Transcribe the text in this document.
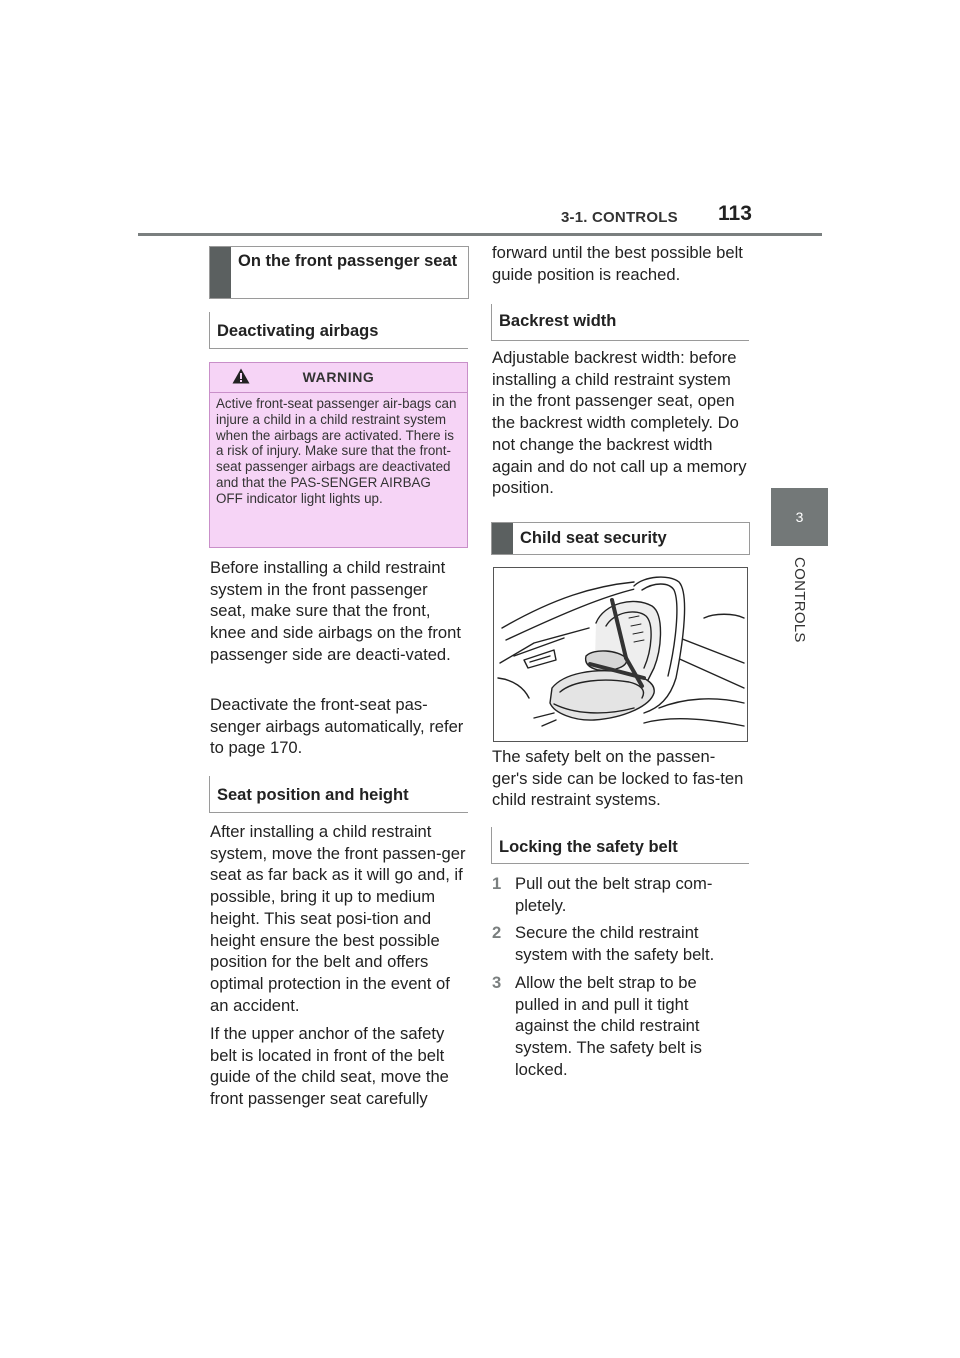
3-1. CONTROLS 113
3
CONTROLS
On the front passenger seat
Deactivating airbags
WARNING
Active front-seat passenger air-bags can injure a child in a child restraint system when the airbags are activated. There is a risk of injury. Make sure that the front-seat passenger airbags are deactivated and that the PAS-SENGER AIRBAG OFF indicator light lights up.
Before installing a child restraint system in the front passenger seat, make sure that the front, knee and side airbags on the front passenger side are deacti-vated.
Deactivate the front-seat pas-senger airbags automatically, refer to page 170.
Seat position and height
After installing a child restraint system, move the front passen-ger seat as far back as it will go and, if possible, bring it up to medium height. This seat posi-tion and height ensure the best possible position for the belt and offers optimal protection in the event of an accident.
If the upper anchor of the safety belt is located in front of the belt guide of the child seat, move the front passenger seat carefully
forward until the best possible belt guide position is reached.
Backrest width
Adjustable backrest width: before installing a child restraint system in the front passenger seat, open the backrest width completely. Do not change the backrest width again and do not call up a memory position.
Child seat security
The safety belt on the passen-ger's side can be locked to fas-ten child restraint systems.
Locking the safety belt
1 Pull out the belt strap com-pletely.
2 Secure the child restraint system with the safety belt.
3 Allow the belt strap to be pulled in and pull it tight against the child restraint system. The safety belt is locked.
